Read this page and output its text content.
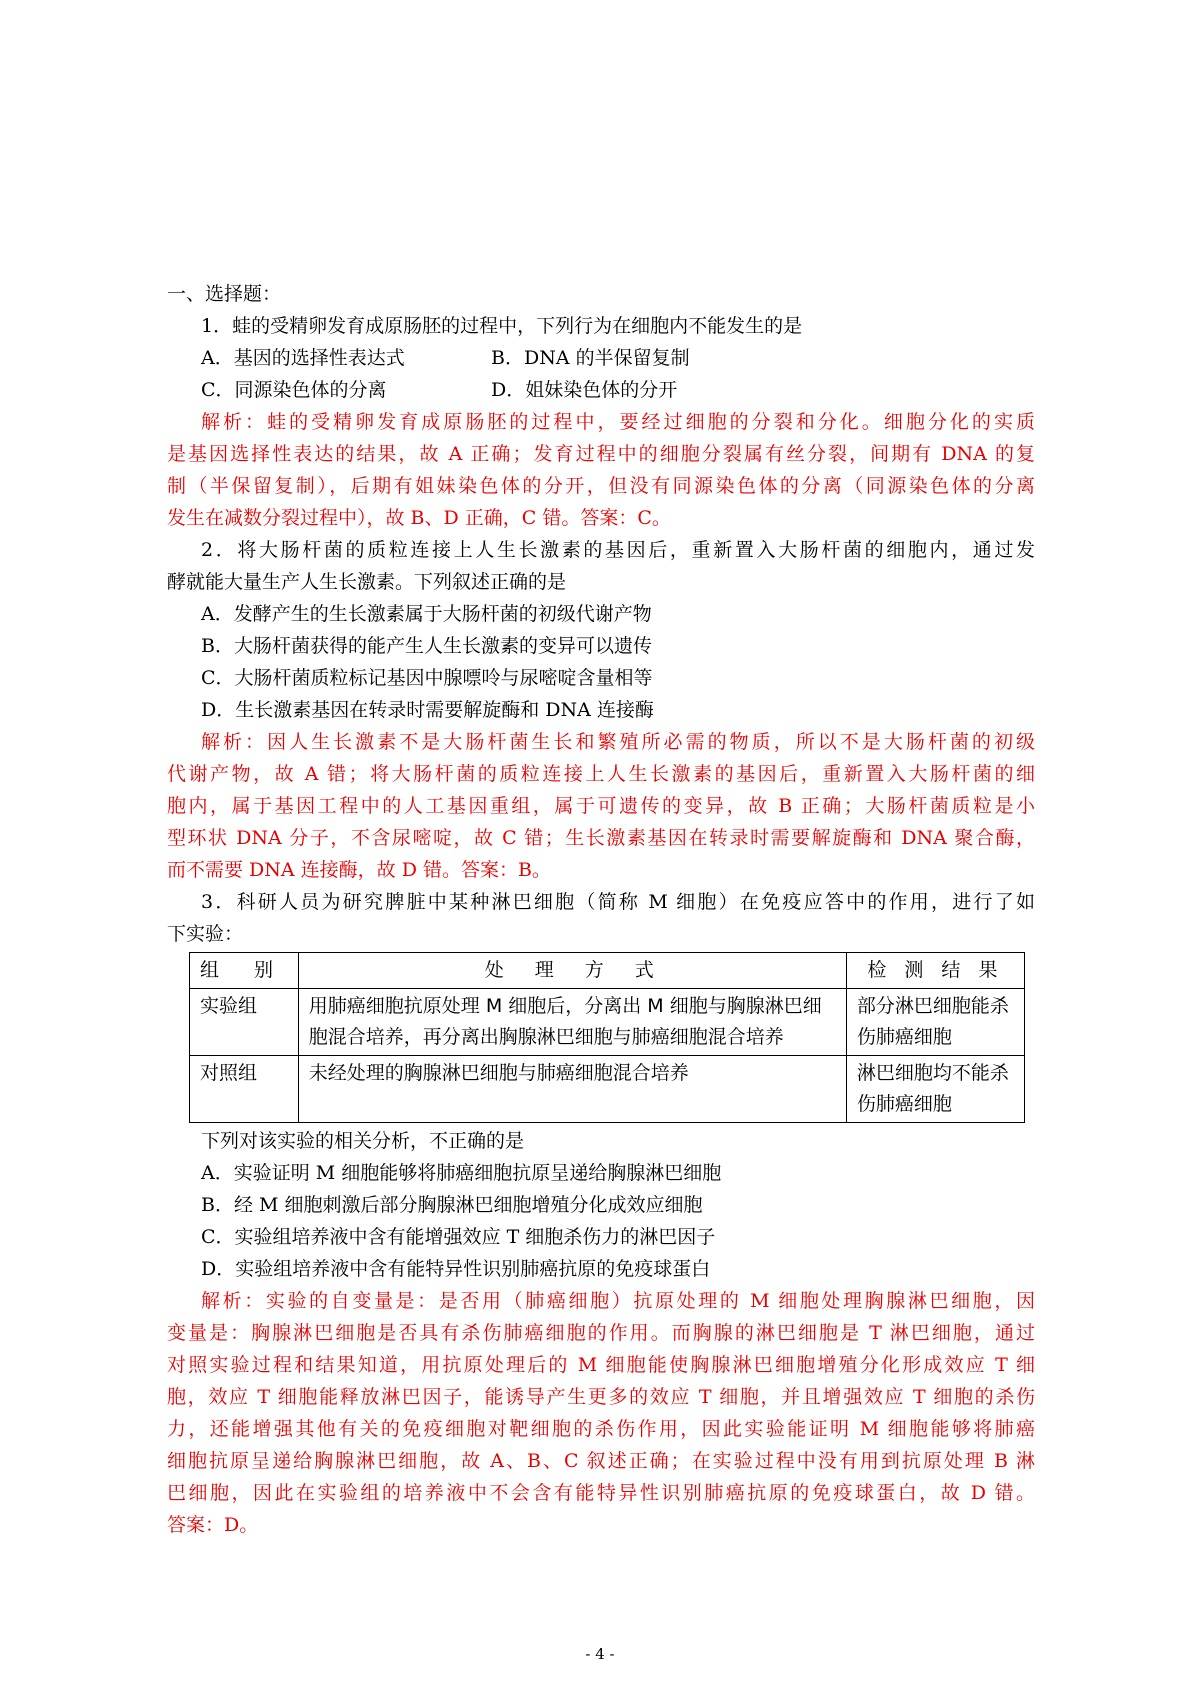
一、选择题：
1．蛙的受精卵发育成原肠胚的过程中，下列行为在细胞内不能发生的是
A．基因的选择性表达式	B．DNA 的半保留复制
C．同源染色体的分离	D．姐妹染色体的分开
解析：蛙的受精卵发育成原肠胚的过程中，要经过细胞的分裂和分化。细胞分化的实质
是基因选择性表达的结果，故 A 正确；发育过程中的细胞分裂属有丝分裂，间期有 DNA 的复
制（半保留复制），后期有姐妹染色体的分开，但没有同源染色体的分离（同源染色体的分离
发生在减数分裂过程中），故 B、D 正确，C 错。答案：C。
2．将大肠杆菌的质粒连接上人生长激素的基因后，重新置入大肠杆菌的细胞内，通过发
酵就能大量生产人生长激素。下列叙述正确的是
A．发酵产生的生长激素属于大肠杆菌的初级代谢产物
B．大肠杆菌获得的能产生人生长激素的变异可以遗传
C．大肠杆菌质粒标记基因中腺嘌呤与尿嘧啶含量相等
D．生长激素基因在转录时需要解旋酶和 DNA 连接酶
解析：因人生长激素不是大肠杆菌生长和繁殖所必需的物质，所以不是大肠杆菌的初级
代谢产物，故 A 错；将大肠杆菌的质粒连接上人生长激素的基因后，重新置入大肠杆菌的细
胞内，属于基因工程中的人工基因重组，属于可遗传的变异，故 B 正确；大肠杆菌质粒是小
型环状 DNA 分子，不含尿嘧啶，故 C 错；生长激素基因在转录时需要解旋酶和 DNA 聚合酶，
而不需要 DNA 连接酶，故 D 错。答案：B。
3．科研人员为研究脾脏中某种淋巴细胞（简称 M 细胞）在免疫应答中的作用，进行了如
下实验：
组　别	处　理　方　式	检 测 结 果
实验组	用肺癌细胞抗原处理 M 细胞后，分离出 M 细胞与胸腺淋巴细胞混合培养，再分离出胸腺淋巴细胞与肺癌细胞混合培养	部分淋巴细胞能杀伤肺癌细胞
对照组	未经处理的胸腺淋巴细胞与肺癌细胞混合培养	淋巴细胞均不能杀伤肺癌细胞
下列对该实验的相关分析，不正确的是
A．实验证明 M 细胞能够将肺癌细胞抗原呈递给胸腺淋巴细胞
B．经 M 细胞刺激后部分胸腺淋巴细胞增殖分化成效应细胞
C．实验组培养液中含有能增强效应 T 细胞杀伤力的淋巴因子
D．实验组培养液中含有能特异性识别肺癌抗原的免疫球蛋白
解析：实验的自变量是：是否用（肺癌细胞）抗原处理的 M 细胞处理胸腺淋巴细胞，因
变量是：胸腺淋巴细胞是否具有杀伤肺癌细胞的作用。而胸腺的淋巴细胞是 T 淋巴细胞，通过
对照实验过程和结果知道，用抗原处理后的 M 细胞能使胸腺淋巴细胞增殖分化形成效应 T 细
胞，效应 T 细胞能释放淋巴因子，能诱导产生更多的效应 T 细胞，并且增强效应 T 细胞的杀伤
力，还能增强其他有关的免疫细胞对靶细胞的杀伤作用，因此实验能证明 M 细胞能够将肺癌
细胞抗原呈递给胸腺淋巴细胞，故 A、B、C 叙述正确；在实验过程中没有用到抗原处理 B 淋
巴细胞，因此在实验组的培养液中不会含有能特异性识别肺癌抗原的免疫球蛋白，故 D 错。
答案：D。
- 4 -
